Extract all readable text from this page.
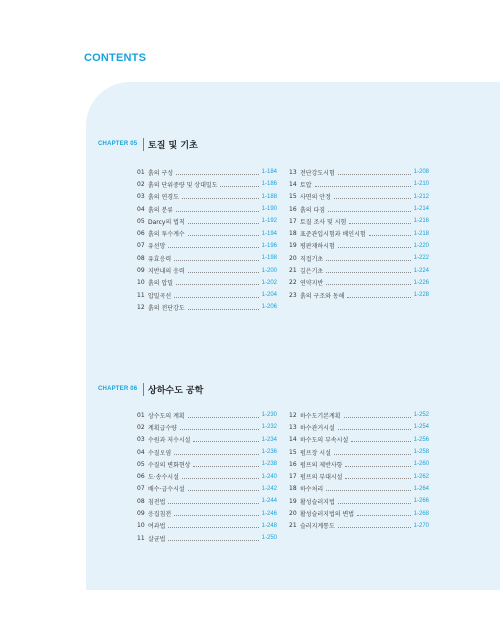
CONTENTS
CHAPTER 05 토질 및 기초
01 흙의 구성	1-184
02 흙의 단위중량 및 상대밀도	1-186
03 흙의 연경도	1-188
04 흙의 분류	1-190
05 Darcy의 법칙	1-192
06 흙의 투수계수	1-194
07 유선망	1-196
08 유효응력	1-198
09 지반내의 응력	1-200
10 흙의 압밀	1-202
11 압밀곡선	1-204
12 흙의 전단강도	1-206
13 전단강도시험	1-208
14 토압	1-210
15 사면의 안정	1-212
16 흙의 다짐	1-214
17 토질 조사 및 시험	1-216
18 표준관입시험과 베인시험	1-218
19 평판재하시험	1-220
20 직접기초	1-222
21 깊은기초	1-224
22 연약지반	1-226
23 흙의 구조와 동해	1-228
CHAPTER 06 상하수도 공학
01 상수도의 계획	1-230
02 계획급수량	1-232
03 수원과 저수시설	1-234
04 수질오염	1-236
05 수질의 변화현상	1-238
06 도·송수시설	1-240
07 배수·급수시설	1-242
08 침전법	1-244
09 응집침전	1-246
10 여과법	1-248
11 살균법	1-250
12 하수도기본계획	1-252
13 하수관거시설	1-254
14 하수도의 부속시설	1-256
15 펌프장 시설	1-258
16 펌프의 제반사항	1-260
17 펌프의 부대시설	1-262
18 하수처리	1-264
19 활성슬러지법	1-266
20 활성슬러지법의 변법	1-268
21 슬러지계통도	1-270
